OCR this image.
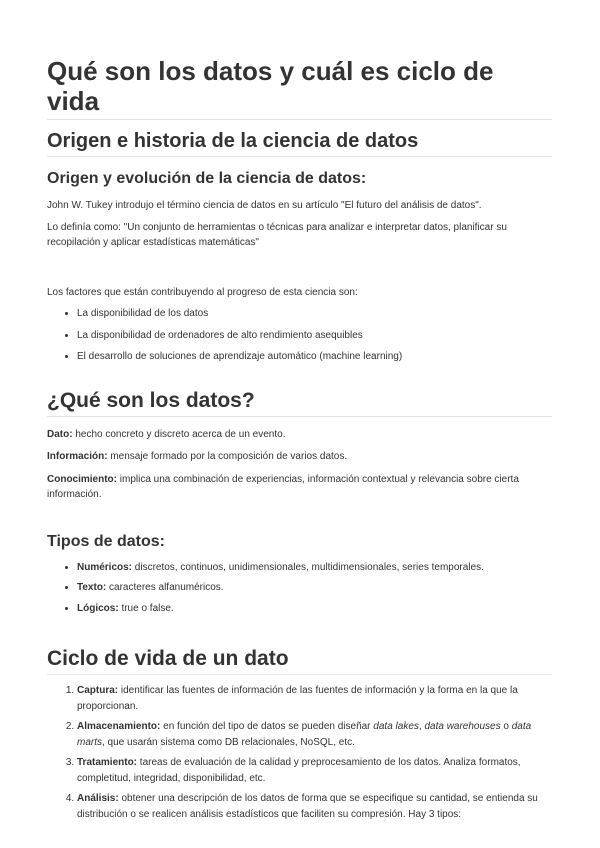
Qué son los datos y cuál es ciclo de vida
Origen e historia de la ciencia de datos
Origen y evolución de la ciencia de datos:

John W. Tukey introdujo el término ciencia de datos en su artículo "El futuro del análisis de datos".

Lo definía como: "Un conjunto de herramientas o técnicas para analizar e interpretar datos, planificar su recopilación y aplicar estadísticas matemáticas"

Los factores que están contribuyendo al progreso de esta ciencia son:

• La disponibilidad de los datos
• La disponibilidad de ordenadores de alto rendimiento asequibles
• El desarrollo de soluciones de aprendizaje automático (machine learning)
¿Qué son los datos?

Dato: hecho concreto y discreto acerca de un evento.

Información: mensaje formado por la composición de varios datos.

Conocimiento: implica una combinación de experiencias, información contextual y relevancia sobre cierta información.

Tipos de datos:
• Numéricos: discretos, continuos, unidimensionales, multidimensionales, series temporales.
• Texto: caracteres alfanuméricos.
• Lógicos: true o false.
Ciclo de vida de un dato
1. Captura: identificar las fuentes de información de las fuentes de información y la forma en la que la proporcionan.
2. Almacenamiento: en función del tipo de datos se pueden diseñar data lakes, data warehouses o data marts, que usarán sistema como DB relacionales, NoSQL, etc.
3. Tratamiento: tareas de evaluación de la calidad y preprocesamiento de los datos. Analiza formatos, completitud, integridad, disponibilidad, etc.
4. Análisis: obtener una descripción de los datos de forma que se especifique su cantidad, se entienda su distribución o se realicen análisis estadísticos que faciliten su compresión. Hay 3 tipos:
